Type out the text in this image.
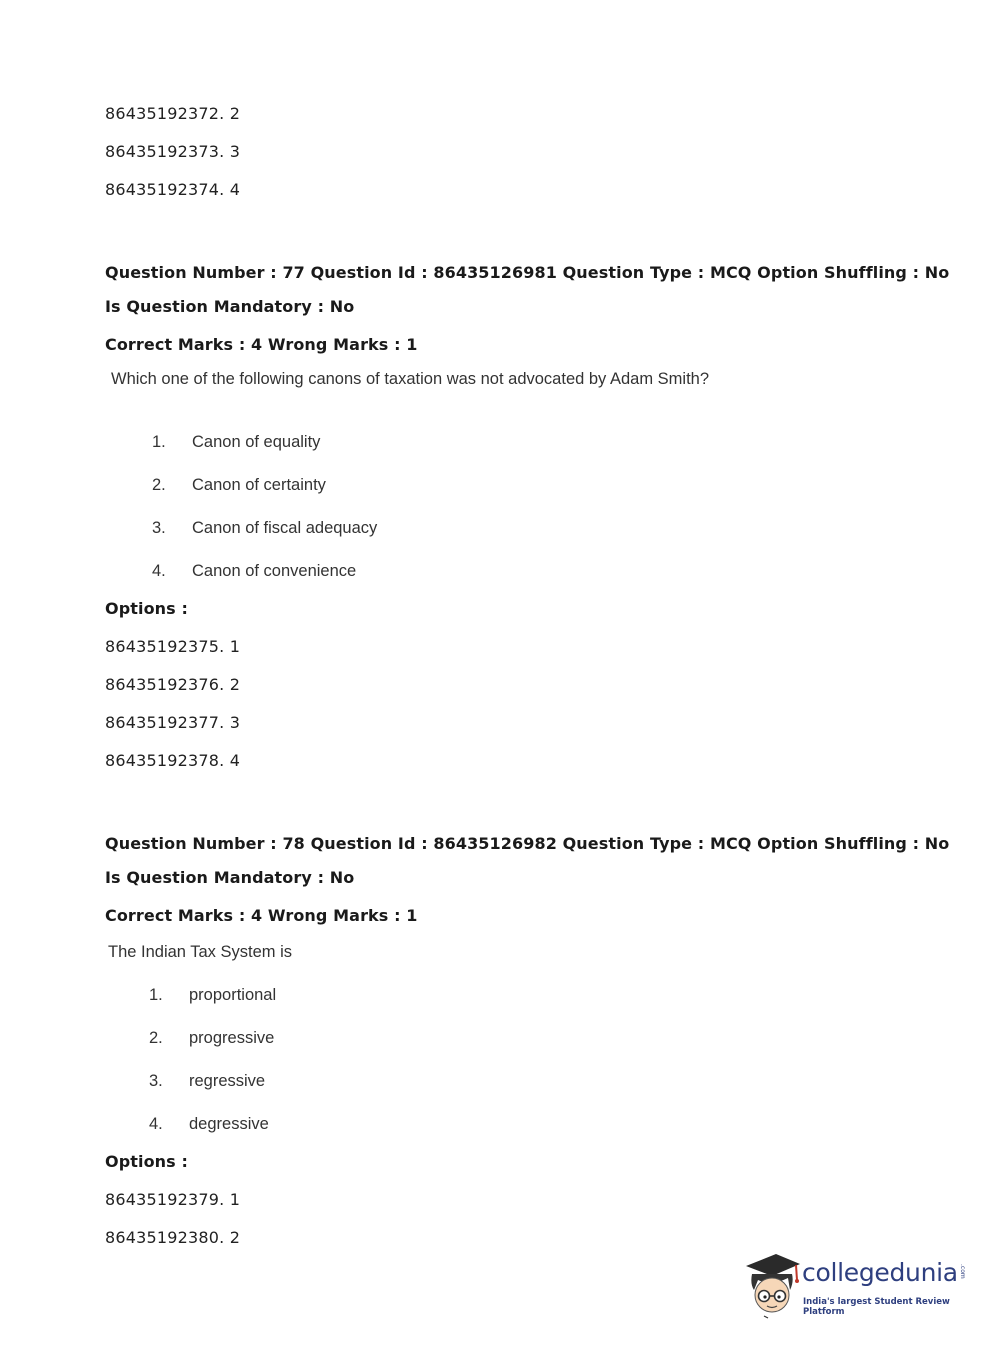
86435192372. 2
86435192373. 3
86435192374. 4
Question Number : 77 Question Id : 86435126981 Question Type : MCQ Option Shuffling : No
Is Question Mandatory : No
Correct Marks : 4 Wrong Marks : 1
Which one of the following canons of taxation was not advocated by Adam Smith?
1. Canon of equality
2. Canon of certainty
3. Canon of fiscal adequacy
4. Canon of convenience
Options :
86435192375. 1
86435192376. 2
86435192377. 3
86435192378. 4
Question Number : 78 Question Id : 86435126982 Question Type : MCQ Option Shuffling : No
Is Question Mandatory : No
Correct Marks : 4 Wrong Marks : 1
The Indian Tax System is
1. proportional
2. progressive
3. regressive
4. degressive
Options :
86435192379. 1
86435192380. 2
collegedunia .com
India's largest Student Review Platform
